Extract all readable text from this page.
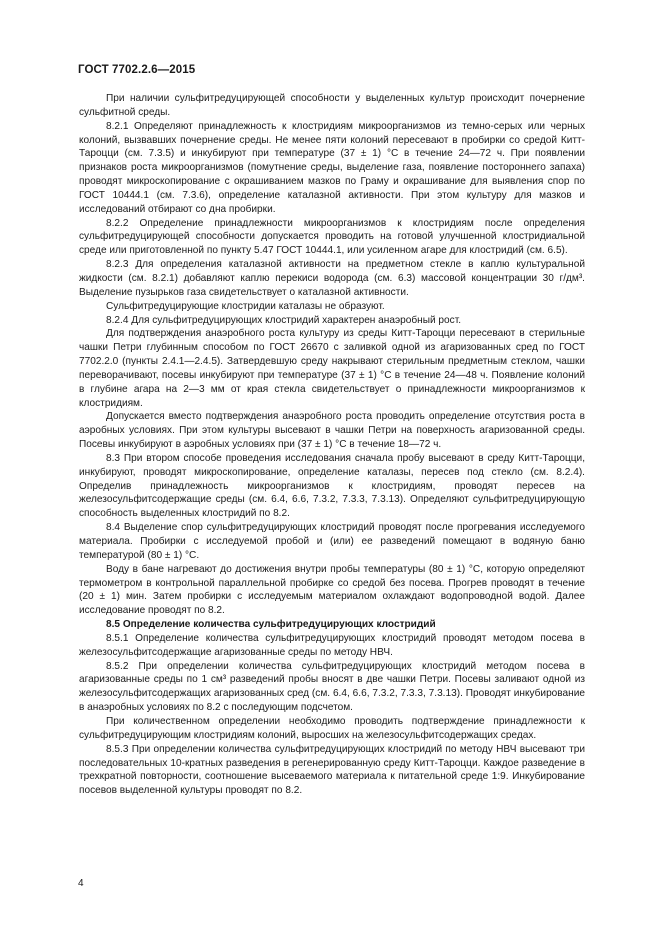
ГОСТ 7702.2.6—2015

При наличии сульфитредуцирующей способности у выделенных культур происходит почернение сульфитной среды.

8.2.1 Определяют принадлежность к клостридиям микроорганизмов из темно-серых или черных колоний, вызвавших почернение среды. Не менее пяти колоний пересевают в пробирки со средой Китт-Тароцци (см. 7.3.5) и инкубируют при температуре (37 ± 1) °С в течение 24—72 ч. При появлении признаков роста микроорганизмов (помутнение среды, выделение газа, появление постороннего запаха) проводят микроскопирование с окрашиванием мазков по Граму и окрашивание для выявления спор по ГОСТ 10444.1 (см. 7.3.6), определение каталазной активности. При этом культуру для мазков и исследований отбирают со дна пробирки.

8.2.2 Определение принадлежности микроорганизмов к клостридиям после определения сульфитредуцирующей способности допускается проводить на готовой улучшенной клостридиальной среде или приготовленной по пункту 5.47 ГОСТ 10444.1, или усиленном агаре для клостридий (см. 6.5).

8.2.3 Для определения каталазной активности на предметном стекле в каплю культуральной жидкости (см. 8.2.1) добавляют каплю перекиси водорода (см. 6.3) массовой концентрации 30 г/дм³. Выделение пузырьков газа свидетельствует о каталазной активности.

Сульфитредуцирующие клостридии каталазы не образуют.

8.2.4 Для сульфитредуцирующих клостридий характерен анаэробный рост.

Для подтверждения анаэробного роста культуру из среды Китт-Тароцци пересевают в стерильные чашки Петри глубинным способом по ГОСТ 26670 с заливкой одной из агаризованных сред по ГОСТ 7702.2.0 (пункты 2.4.1—2.4.5). Затвердевшую среду накрывают стерильным предметным стеклом, чашки переворачивают, посевы инкубируют при температуре (37 ± 1) °С в течение 24—48 ч. Появление колоний в глубине агара на 2—3 мм от края стекла свидетельствует о принадлежности микроорганизмов к клостридиям.

Допускается вместо подтверждения анаэробного роста проводить определение отсутствия роста в аэробных условиях. При этом культуры высевают в чашки Петри на поверхность агаризованной среды. Посевы инкубируют в аэробных условиях при (37 ± 1) °С в течение 18—72 ч.

8.3 При втором способе проведения исследования сначала пробу высевают в среду Китт-Тароцци, инкубируют, проводят микроскопирование, определение каталазы, пересев под стекло (см. 8.2.4). Определив принадлежность микроорганизмов к клостридиям, проводят пересев на железосульфитсодержащие среды (см. 6.4, 6.6, 7.3.2, 7.3.3, 7.3.13). Определяют сульфитредуцирующую способность выделенных клостридий по 8.2.

8.4 Выделение спор сульфитредуцирующих клостридий проводят после прогревания исследуемого материала. Пробирки с исследуемой пробой и (или) ее разведений помещают в водяную баню температурой (80 ± 1) °С.

Воду в бане нагревают до достижения внутри пробы температуры (80 ± 1) °С, которую определяют термометром в контрольной параллельной пробирке со средой без посева. Прогрев проводят в течение (20 ± 1) мин. Затем пробирки с исследуемым материалом охлаждают водопроводной водой. Далее исследование проводят по 8.2.

8.5 Определение количества сульфитредуцирующих клостридий

8.5.1 Определение количества сульфитредуцирующих клостридий проводят методом посева в железосульфитсодержащие агаризованные среды по методу НВЧ.

8.5.2 При определении количества сульфитредуцирующих клостридий методом посева в агаризованные среды по 1 см³ разведений пробы вносят в две чашки Петри. Посевы заливают одной из железосульфитсодержащих агаризованных сред (см. 6.4, 6.6, 7.3.2, 7.3.3, 7.3.13). Проводят инкубирование в анаэробных условиях по 8.2 с последующим подсчетом.

При количественном определении необходимо проводить подтверждение принадлежности к сульфитредуцирующим клостридиям колоний, выросших на железосульфитсодержащих средах.

8.5.3 При определении количества сульфитредуцирующих клостридий по методу НВЧ высевают три последовательных 10-кратных разведения в регенерированную среду Китт-Тароцци. Каждое разведение в трехкратной повторности, соотношение высеваемого материала к питательной среде 1:9. Инкубирование посевов выделенной культуры проводят по 8.2.

4
